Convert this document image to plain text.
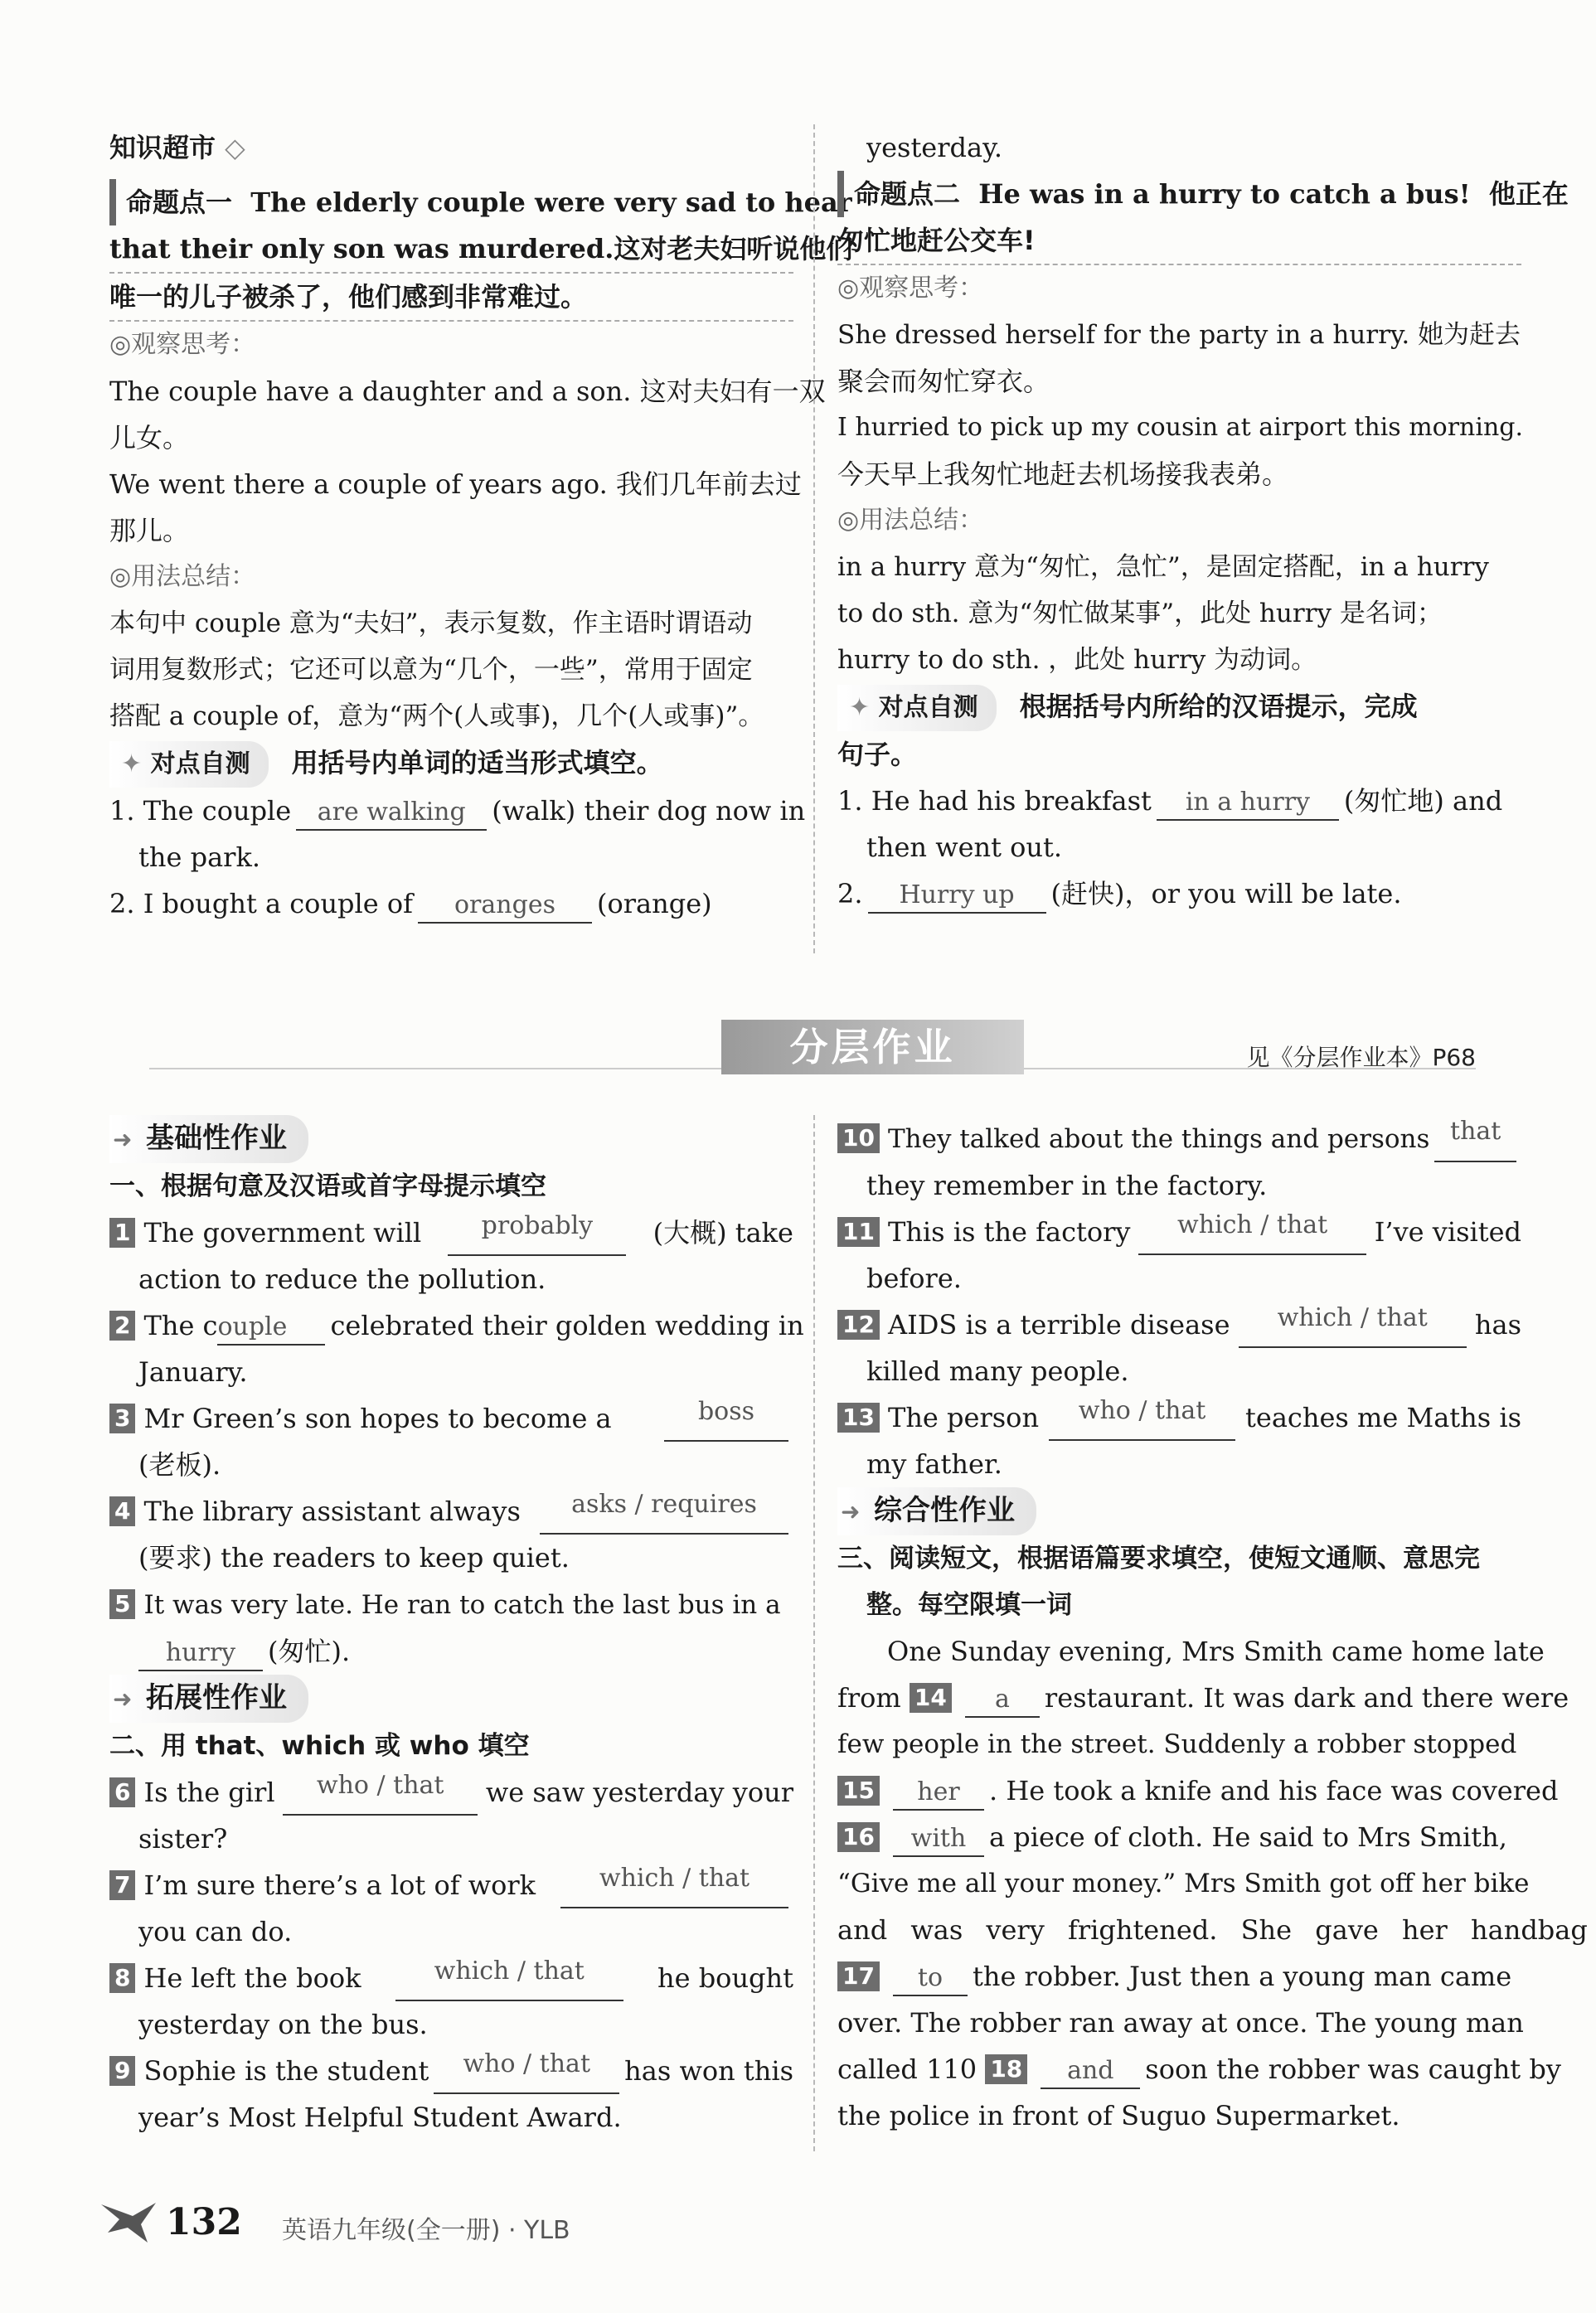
知识超市 ◇
命题点一 The elderly couple were very sad to hear
that their only son was murdered.这对老夫妇听说他们
唯一的儿子被杀了，他们感到非常难过。
◎观察思考：
The couple have a daughter and a son. 这对夫妇有一双
儿女。
We went there a couple of years ago. 我们几年前去过
那儿。
◎用法总结：
本句中 couple 意为“夫妇”，表示复数，作主语时谓语动
词用复数形式；它还可以意为“几个，一些”，常用于固定
搭配 a couple of，意为“两个(人或事)，几个(人或事)”。
✦ 对点自测 用括号内单词的适当形式填空。
1. The couple are walking (walk) their dog now in
the park.
2. I bought a couple of oranges (orange)
yesterday.
命题点二 He was in a hurry to catch a bus! 他正在
匆忙地赶公交车!
◎观察思考：
She dressed herself for the party in a hurry. 她为赶去
聚会而匆忙穿衣。
I hurried to pick up my cousin at airport this morning.
今天早上我匆忙地赶去机场接我表弟。
◎用法总结：
in a hurry 意为“匆忙，急忙”，是固定搭配，in a hurry
to do sth. 意为“匆忙做某事”，此处 hurry 是名词；
hurry to do sth. ，此处 hurry 为动词。
✦ 对点自测 根据括号内所给的汉语提示，完成
句子。
1. He had his breakfast in a hurry (匆忙地) and
then went out.
2. Hurry up (赶快)，or you will be late.
分层作业	见《分层作业本》P68
➜ 基础性作业
一、根据句意及汉语或首字母提示填空
1 The government will	probably	(大概) take
action to reduce the pollution.
2 The couple	celebrated their golden wedding in
January.
3 Mr Green’s son hopes to become a	boss
(老板).
4 The library assistant always	asks / requires
(要求) the readers to keep quiet.
5 It was very late. He ran to catch the last bus in a
hurry (匆忙).
➜ 拓展性作业
二、用 that、which 或 who 填空
6 Is the girl	who / that	we saw yesterday your
sister?
7 I’m sure there’s a lot of work	which / that
you can do.
8 He left the book	which / that	he bought
yesterday on the bus.
9 Sophie is the student	who / that	has won this
year’s Most Helpful Student Award.
10 They talked about the things and persons that
they remember in the factory.
11 This is the factory	which / that	I’ve visited
before.
12 AIDS is a terrible disease	which / that	has
killed many people.
13 The person	who / that	teaches me Maths is
my father.
➜ 综合性作业
三、阅读短文，根据语篇要求填空，使短文通顺、意思完
整。每空限填一词
One Sunday evening, Mrs Smith came home late
from 14 a restaurant. It was dark and there were
few people in the street. Suddenly a robber stopped
15 her . He took a knife and his face was covered
16 with a piece of cloth. He said to Mrs Smith,
“Give me all your money.” Mrs Smith got off her bike
and was very frightened. She gave her handbag
17 to the robber. Just then a young man came
over. The robber ran away at once. The young man
called 110 18 and soon the robber was caught by
the police in front of Suguo Supermarket.
132 英语九年级(全一册) · YLB
